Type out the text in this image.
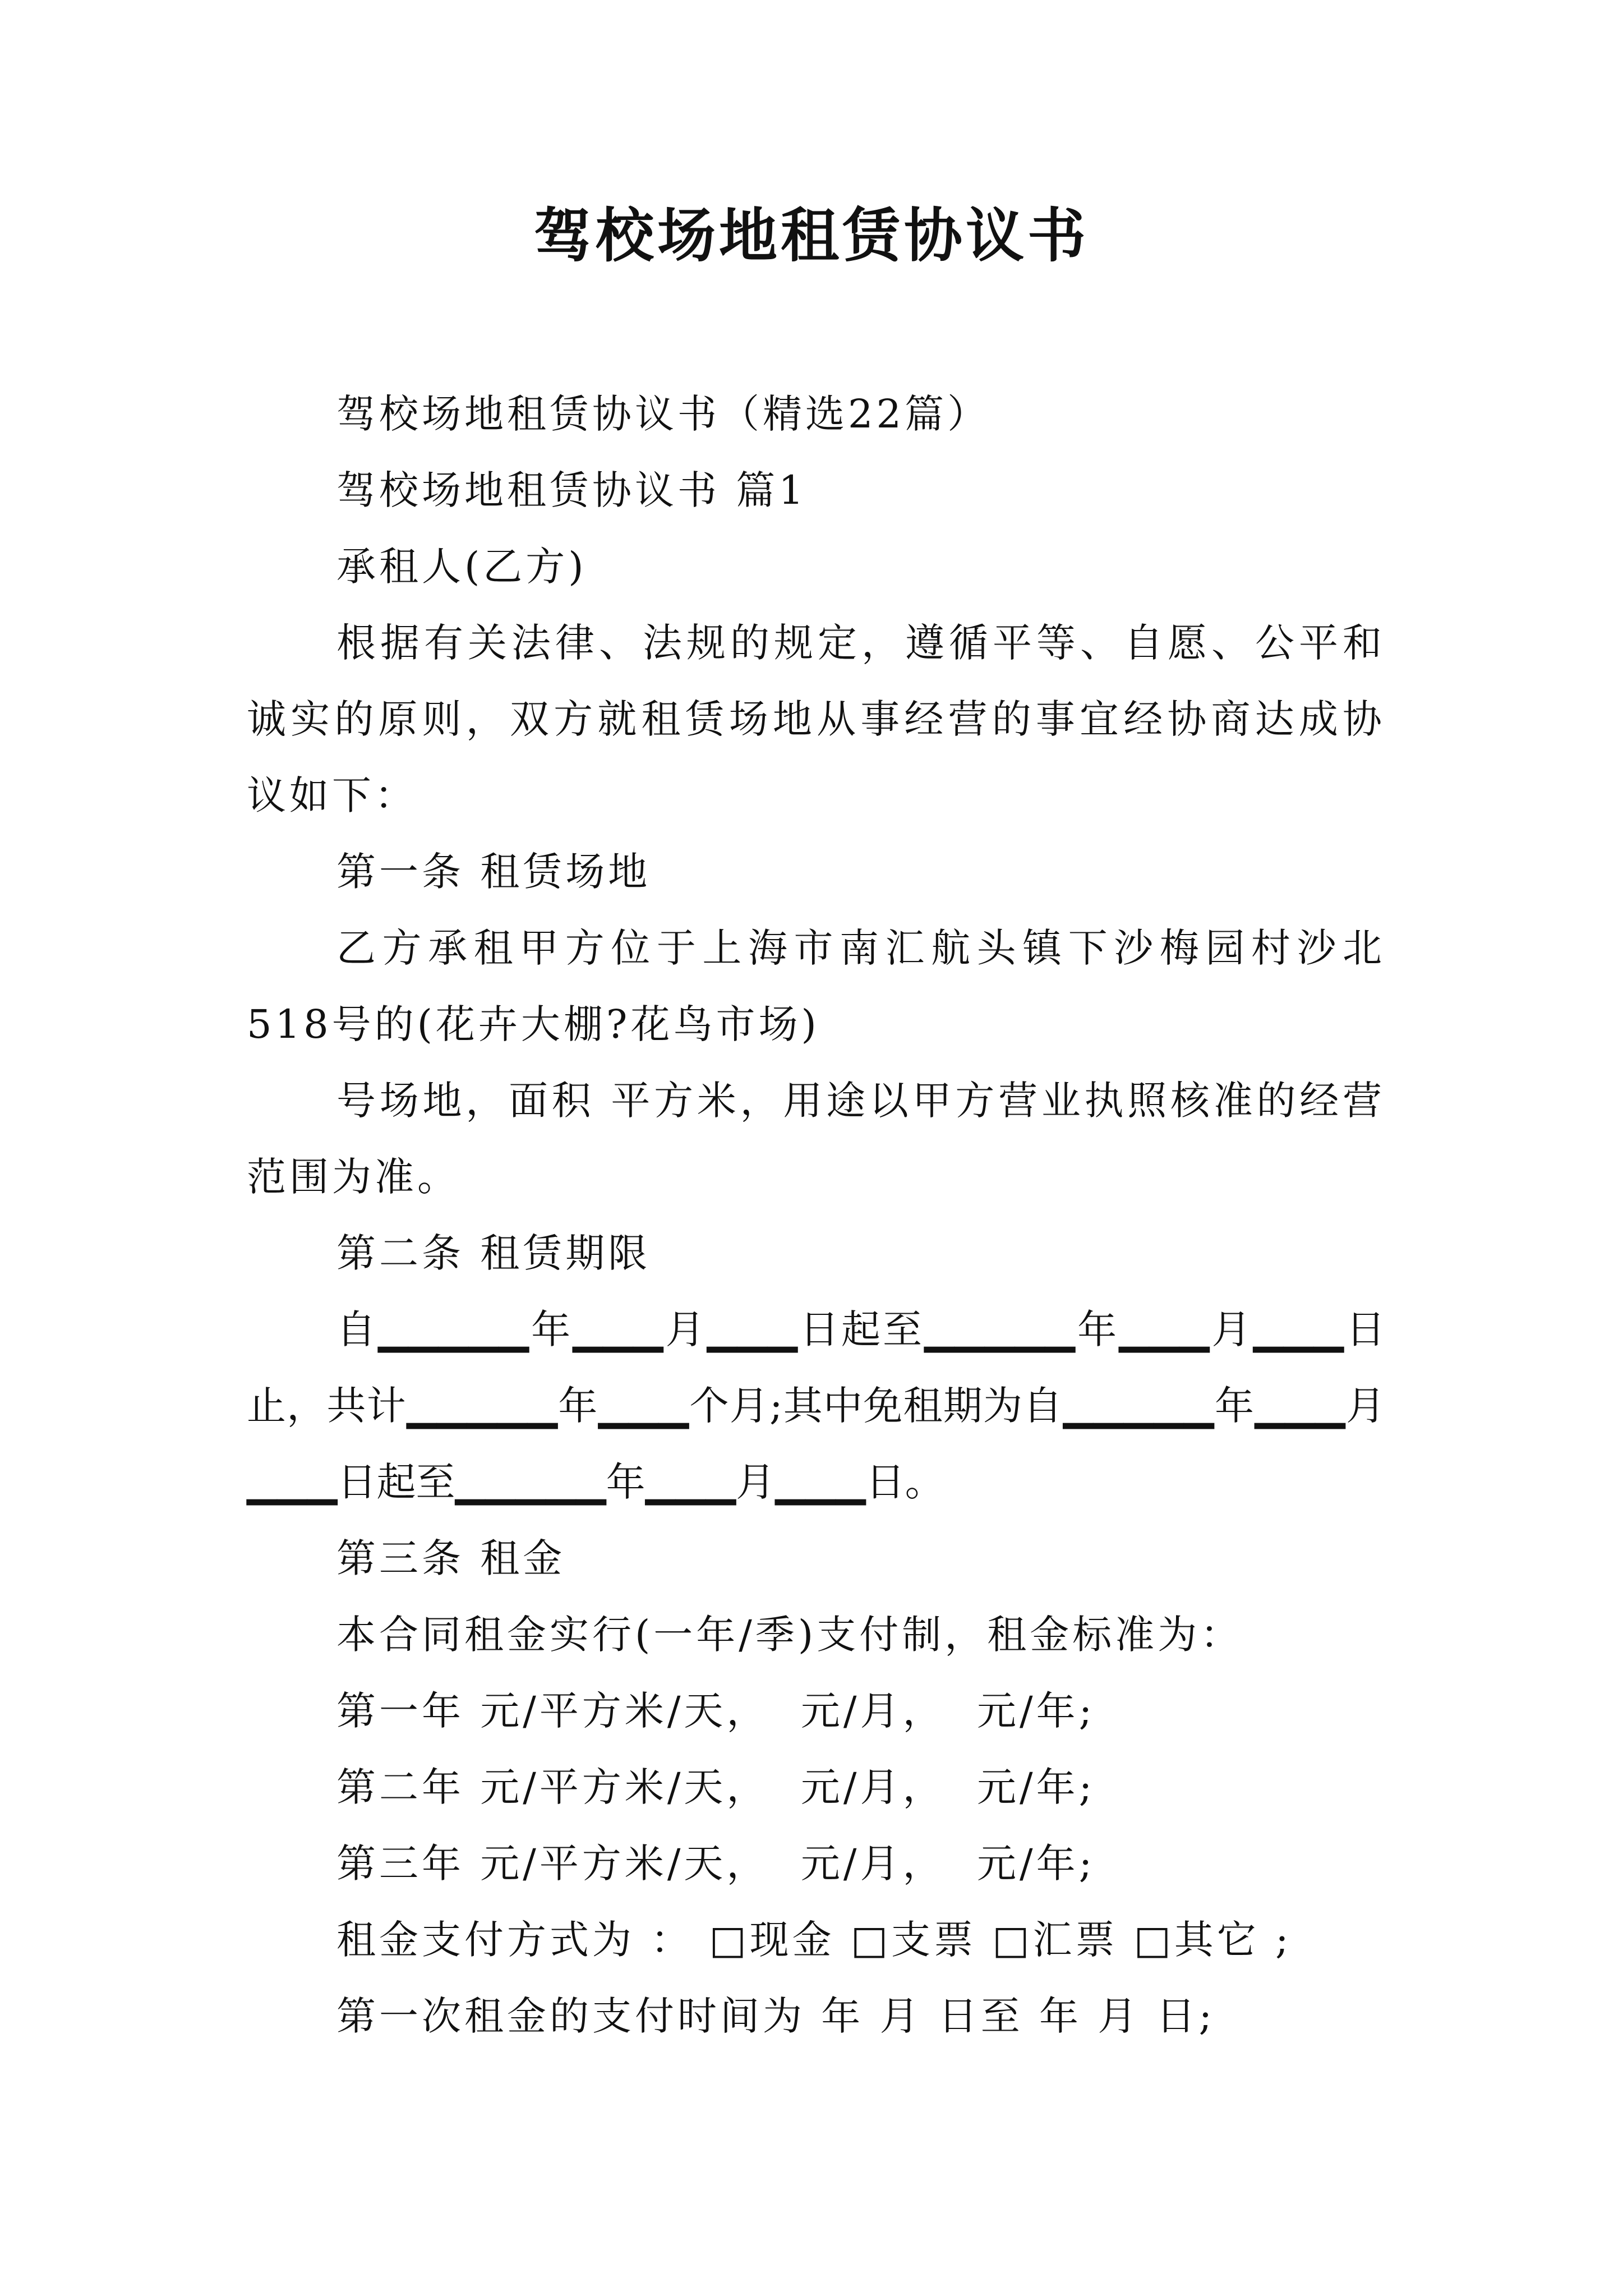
驾校场地租赁协议书

驾校场地租赁协议书（精选22篇）

驾校场地租赁协议书 篇1

承租人(乙方)

根据有关法律、法规的规定，遵循平等、自愿、公平和诚实的原则，双方就租赁场地从事经营的事宜经协商达成协议如下：

第一条 租赁场地

乙方承租甲方位于上海市南汇航头镇下沙梅园村沙北518号的(花卉大棚?花鸟市场)

号场地，面积 平方米，用途以甲方营业执照核准的经营范围为准。

第二条 租赁期限

自▁▁▁▁▁年▁▁▁月▁▁▁日起至▁▁▁▁▁年▁▁▁月▁▁▁日止，共计▁▁▁▁▁年▁▁▁个月;其中免租期为自▁▁▁▁▁年▁▁▁月▁▁▁日起至▁▁▁▁▁年▁▁▁月▁▁▁日。

第三条 租金

本合同租金实行(一年/季)支付制，租金标准为：

第一年 元/平方米/天，  元/月，  元/年;

第二年 元/平方米/天，  元/月，  元/年;

第三年 元/平方米/天，  元/月，  元/年;

租金支付方式为 ： □现金 □支票 □汇票 □其它 ;

第一次租金的支付时间为 年 月 日至 年 月 日;
